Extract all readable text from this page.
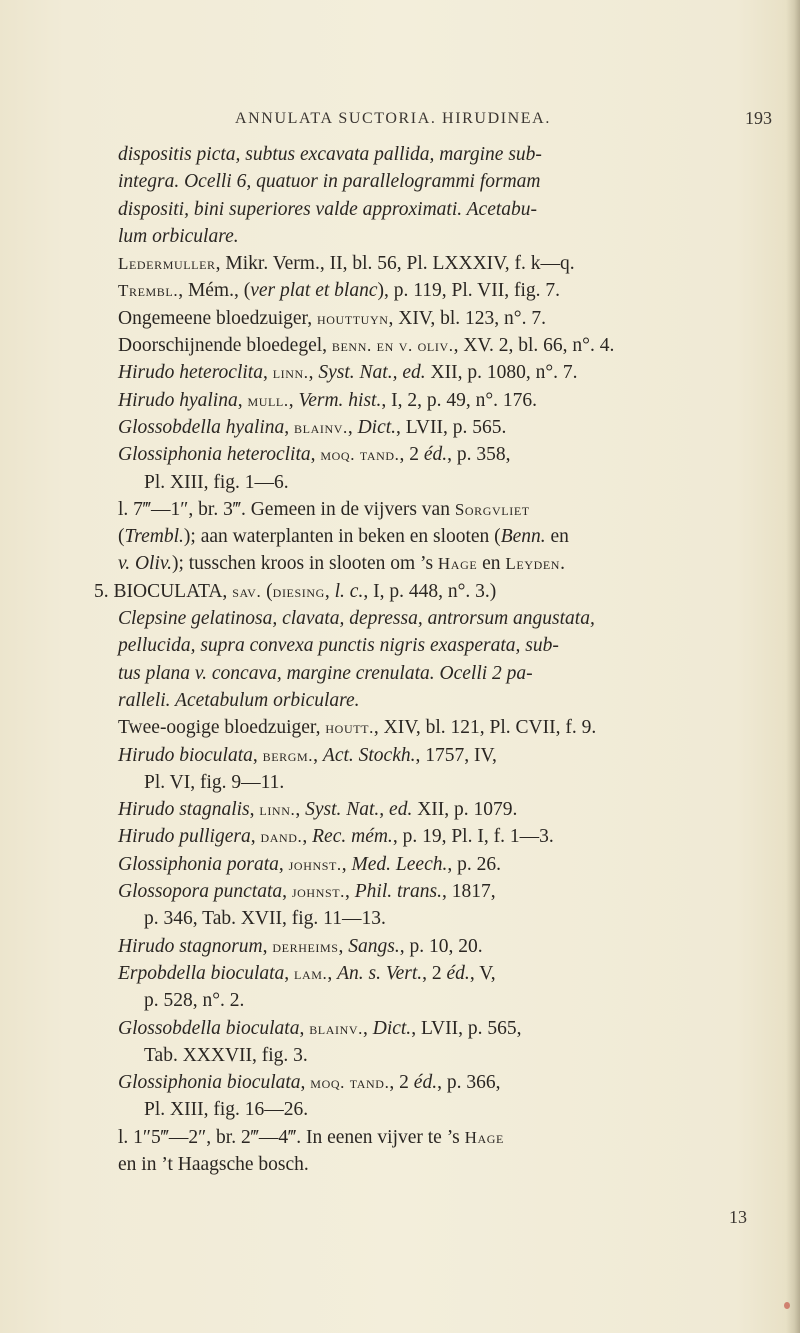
ANNULATA SUCTORIA. HIRUDINEA.	193
dispositis picta, subtus excavata pallida, margine sub-
integra. Ocelli 6, quatuor in parallelogrammi formam
dispositi, bini superiores valde approximati. Acetabu-
lum orbiculare.
Ledermuller, Mikr. Verm., II, bl. 56, Pl. LXXXIV, f. k—q.
Trembl., Mém., (ver plat et blanc), p. 119, Pl. VII, fig. 7.
Ongemeene bloedzuiger, houttuyn, XIV, bl. 123, n°. 7.
Doorschijnende bloedegel, benn. en v. oliv., XV. 2, bl. 66, n°. 4.
Hirudo heteroclita, linn., Syst. Nat., ed. XII, p. 1080, n°. 7.
Hirudo hyalina, mull., Verm. hist., I, 2, p. 49, n°. 176.
Glossobdella hyalina, blainv., Dict., LVII, p. 565.
Glossiphonia heteroclita, moq. tand., 2 éd., p. 358,
Pl. XIII, fig. 1—6.
l. 7‴—1″, br. 3‴. Gemeen in de vijvers van Sorgvliet
(Trembl.); aan waterplanten in beken en slooten (Benn. en
v. Oliv.); tusschen kroos in slooten om ’s Hage en Leyden.
5. BIOCULATA, sav. (diesing, l. c., I, p. 448, n°. 3.)
Clepsine gelatinosa, clavata, depressa, antrorsum angustata,
pellucida, supra convexa punctis nigris exasperata, sub-
tus plana v. concava, margine crenulata. Ocelli 2 pa-
ralleli. Acetabulum orbiculare.
Twee-oogige bloedzuiger, houtt., XIV, bl. 121, Pl. CVII, f. 9.
Hirudo bioculata, bergm., Act. Stockh., 1757, IV,
Pl. VI, fig. 9—11.
Hirudo stagnalis, linn., Syst. Nat., ed. XII, p. 1079.
Hirudo pulligera, dand., Rec. mém., p. 19, Pl. I, f. 1—3.
Glossiphonia porata, johnst., Med. Leech., p. 26.
Glossopora punctata, johnst., Phil. trans., 1817,
p. 346, Tab. XVII, fig. 11—13.
Hirudo stagnorum, derheims, Sangs., p. 10, 20.
Erpobdella bioculata, lam., An. s. Vert., 2 éd., V,
p. 528, n°. 2.
Glossobdella bioculata, blainv., Dict., LVII, p. 565,
Tab. XXXVII, fig. 3.
Glossiphonia bioculata, moq. tand., 2 éd., p. 366,
Pl. XIII, fig. 16—26.
l. 1″5‴—2″, br. 2‴—4‴. In eenen vijver te ’s Hage
en in ’t Haagsche bosch.
13
